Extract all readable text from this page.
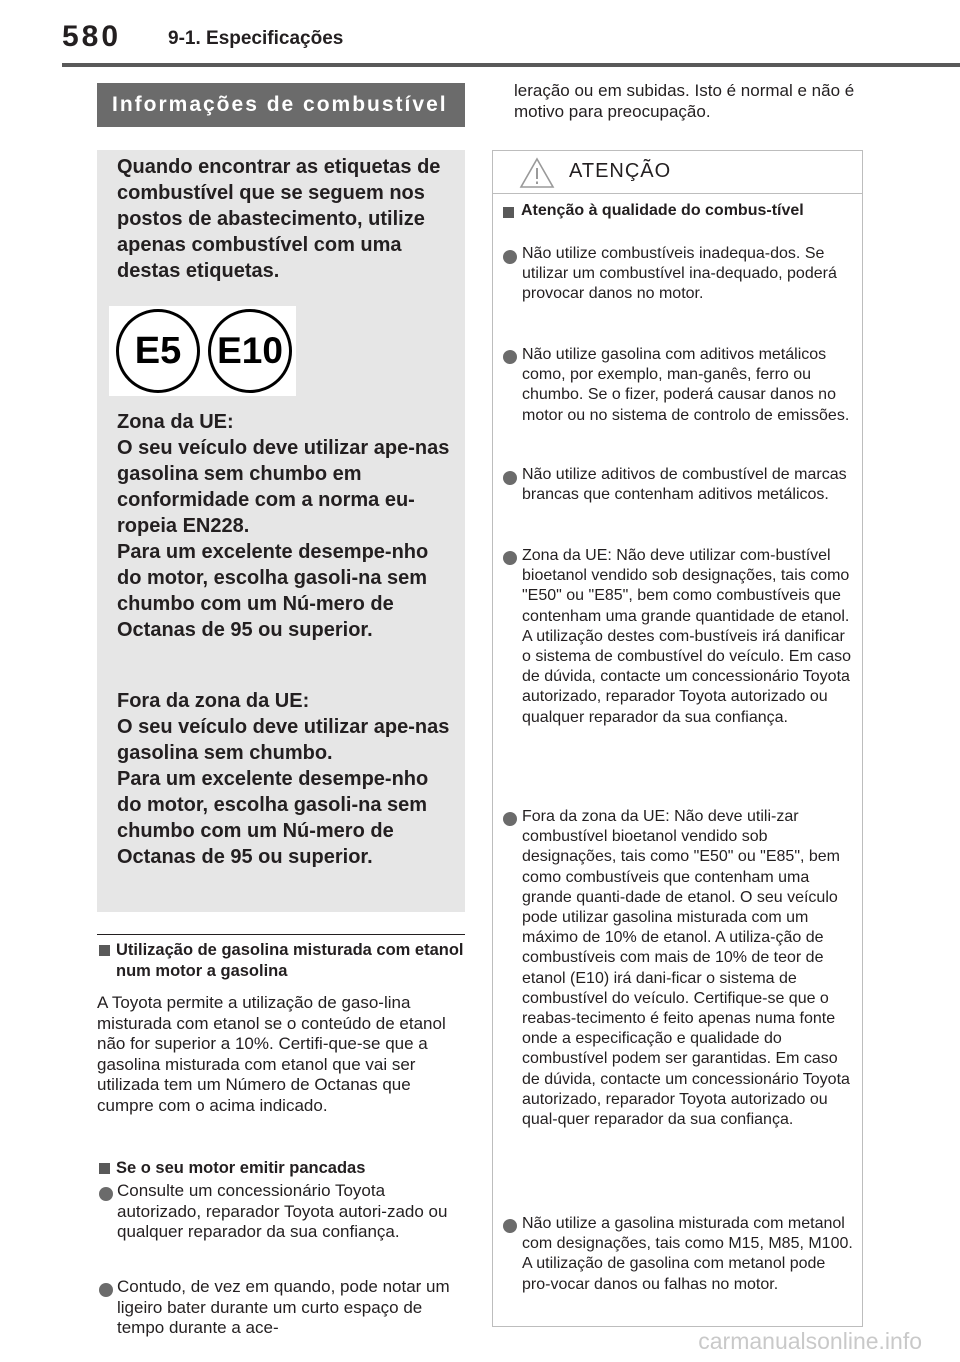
580 9-1. Especificações
Informações de combustível
Quando encontrar as etiquetas de combustível que se seguem nos postos de abastecimento, utilize apenas combustível com uma destas etiquetas.
E5 E10
Zona da UE:
O seu veículo deve utilizar ape-nas gasolina sem chumbo em conformidade com a norma eu-ropeia EN228.
Para um excelente desempe-nho do motor, escolha gasoli-na sem chumbo com um Nú-mero de Octanas de 95 ou superior.
Fora da zona da UE:
O seu veículo deve utilizar ape-nas gasolina sem chumbo.
Para um excelente desempe-nho do motor, escolha gasoli-na sem chumbo com um Nú-mero de Octanas de 95 ou superior.
Utilização de gasolina misturada com etanol num motor a gasolina
A Toyota permite a utilização de gaso-lina misturada com etanol se o conteúdo de etanol não for superior a 10%. Certifi-que-se que a gasolina misturada com etanol que vai ser utilizada tem um Número de Octanas que cumpre com o acima indicado.
Se o seu motor emitir pancadas
Consulte um concessionário Toyota autorizado, reparador Toyota autori-zado ou qualquer reparador da sua confiança.
Contudo, de vez em quando, pode notar um ligeiro bater durante um curto espaço de tempo durante a ace-
leração ou em subidas. Isto é normal e não é motivo para preocupação.
ATENÇÃO
Atenção à qualidade do combus-tível
Não utilize combustíveis inadequa-dos. Se utilizar um combustível ina-dequado, poderá provocar danos no motor.
Não utilize gasolina com aditivos metálicos como, por exemplo, man-ganês, ferro ou chumbo. Se o fizer, poderá causar danos no motor ou no sistema de controlo de emissões.
Não utilize aditivos de combustível de marcas brancas que contenham aditivos metálicos.
Zona da UE: Não deve utilizar com-bustível bioetanol vendido sob designações, tais como "E50" ou "E85", bem como combustíveis que contenham uma grande quantidade de etanol. A utilização destes com-bustíveis irá danificar o sistema de combustível do veículo. Em caso de dúvida, contacte um concessionário Toyota autorizado, reparador Toyota autorizado ou qualquer reparador da sua confiança.
Fora da zona da UE: Não deve utili-zar combustível bioetanol vendido sob designações, tais como "E50" ou "E85", bem como combustíveis que contenham uma grande quanti-dade de etanol. O seu veículo pode utilizar gasolina misturada com um máximo de 10% de etanol. A utiliza-ção de combustíveis com mais de 10% de teor de etanol (E10) irá dani-ficar o sistema de combustível do veículo. Certifique-se que o reabas-tecimento é feito apenas numa fonte onde a especificação e qualidade do combustível podem ser garantidas. Em caso de dúvida, contacte um concessionário Toyota autorizado, reparador Toyota autorizado ou qual-quer reparador da sua confiança.
Não utilize a gasolina misturada com metanol com designações, tais como M15, M85, M100. A utilização de gasolina com metanol pode pro-vocar danos ou falhas no motor.
carmanualsonline.info
